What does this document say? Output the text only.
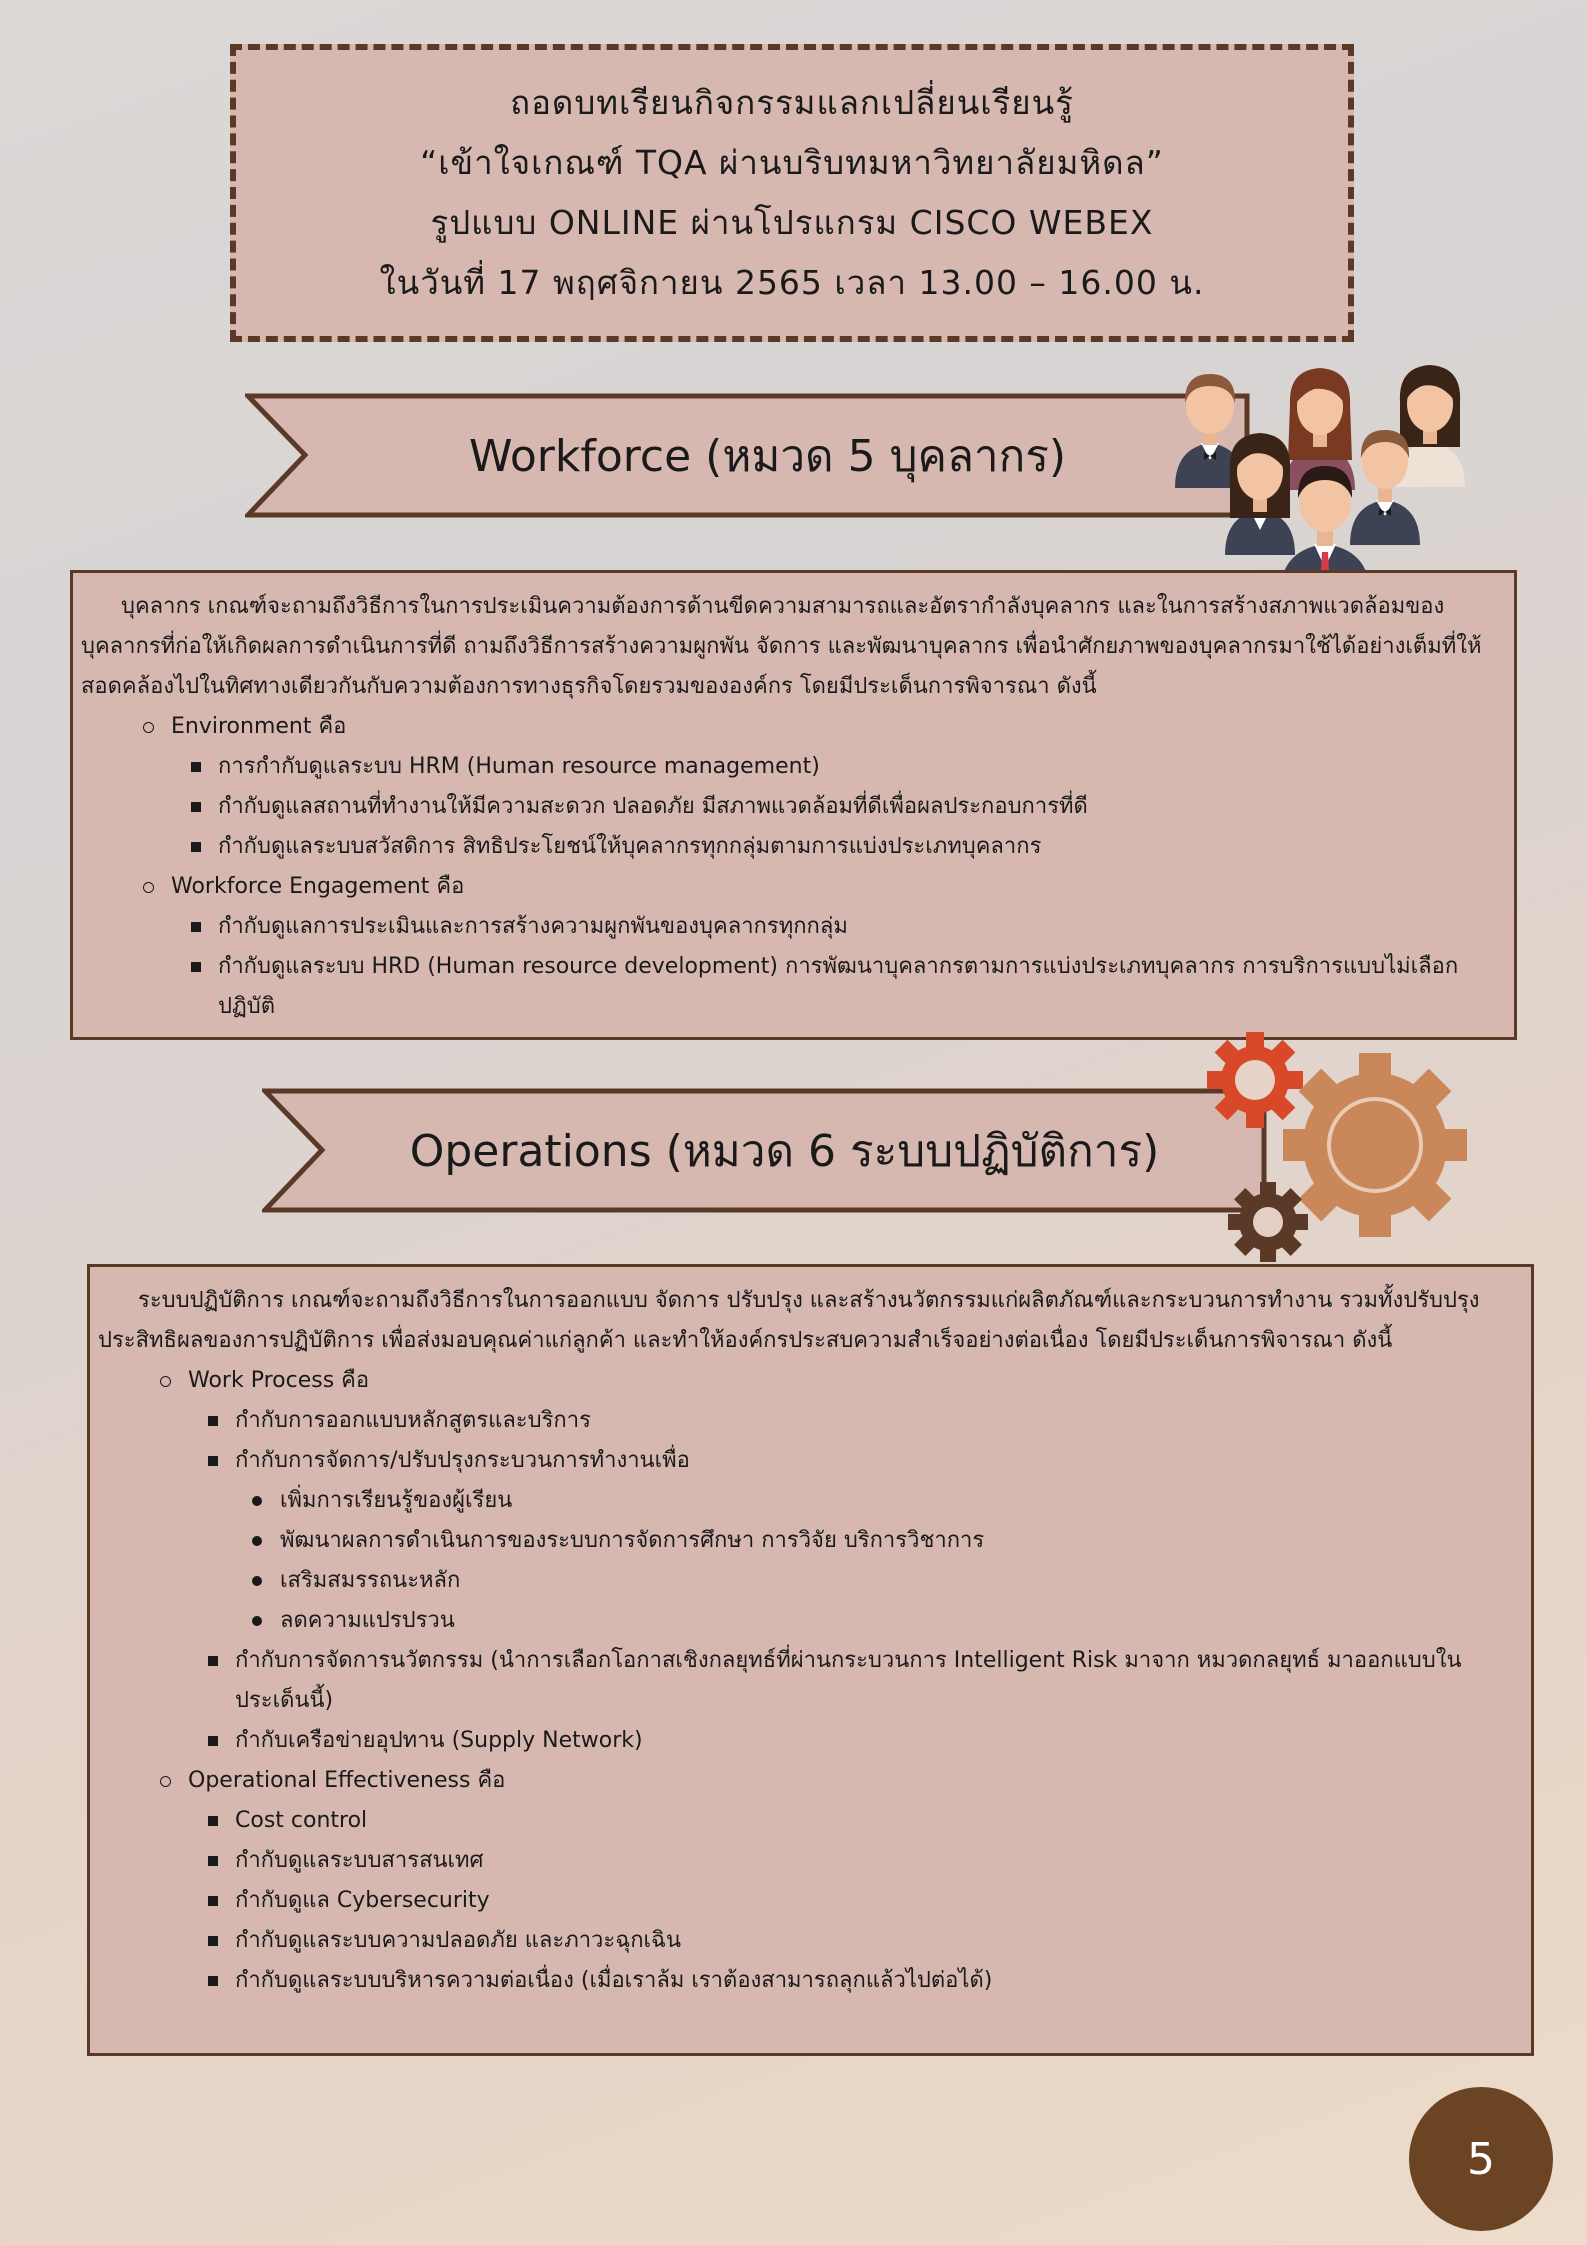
ถอดบทเรียนกิจกรรมแลกเปลี่ยนเรียนรู้
“เข้าใจเกณฑ์ TQA ผ่านบริบทมหาวิทยาลัยมหิดล”
รูปแบบ ONLINE ผ่านโปรแกรม CISCO WEBEX
ในวันที่ 17 พฤศจิกายน 2565 เวลา 13.00 – 16.00 น.
Workforce (หมวด 5 บุคลากร)

บุคลากร เกณฑ์จะถามถึงวิธีการในการประเมินความต้องการด้านขีดความสามารถและอัตรากำลังบุคลากร และในการสร้างสภาพแวดล้อมของบุคลากรที่ก่อให้เกิดผลการดำเนินการที่ดี ถามถึงวิธีการสร้างความผูกพัน จัดการ และพัฒนาบุคลากร เพื่อนำศักยภาพของบุคลากรมาใช้ได้อย่างเต็มที่ให้สอดคล้องไปในทิศทางเดียวกันกับความต้องการทางธุรกิจโดยรวมขององค์กร โดยมีประเด็นการพิจารณา ดังนี้

Environment คือ
การกำกับดูแลระบบ HRM (Human resource management)
กำกับดูแลสถานที่ทำงานให้มีความสะดวก ปลอดภัย มีสภาพแวดล้อมที่ดีเพื่อผลประกอบการที่ดี
กำกับดูแลระบบสวัสดิการ สิทธิประโยชน์ให้บุคลากรทุกกลุ่มตามการแบ่งประเภทบุคลากร
Workforce Engagement คือ
กำกับดูแลการประเมินและการสร้างความผูกพันของบุคลากรทุกกลุ่ม
กำกับดูแลระบบ HRD (Human resource development) การพัฒนาบุคลากรตามการแบ่งประเภทบุคลากร การบริการแบบไม่เลือกปฏิบัติ
Operations (หมวด 6 ระบบปฏิบัติการ)

ระบบปฏิบัติการ เกณฑ์จะถามถึงวิธีการในการออกแบบ จัดการ ปรับปรุง และสร้างนวัตกรรมแก่ผลิตภัณฑ์และกระบวนการทำงาน รวมทั้งปรับปรุงประสิทธิผลของการปฏิบัติการ เพื่อส่งมอบคุณค่าแก่ลูกค้า และทำให้องค์กรประสบความสำเร็จอย่างต่อเนื่อง โดยมีประเด็นการพิจารณา ดังนี้

Work Process คือ
กำกับการออกแบบหลักสูตรและบริการ
กำกับการจัดการ/ปรับปรุงกระบวนการทำงานเพื่อ
เพิ่มการเรียนรู้ของผู้เรียน
พัฒนาผลการดำเนินการของระบบการจัดการศึกษา การวิจัย บริการวิชาการ
เสริมสมรรถนะหลัก
ลดความแปรปรวน
กำกับการจัดการนวัตกรรม (นำการเลือกโอกาสเชิงกลยุทธ์ที่ผ่านกระบวนการ Intelligent Risk มาจาก หมวดกลยุทธ์ มาออกแบบในประเด็นนี้)
กำกับเครือข่ายอุปทาน (Supply Network)
Operational Effectiveness คือ
Cost control
กำกับดูแลระบบสารสนเทศ
กำกับดูแล Cybersecurity
กำกับดูแลระบบความปลอดภัย และภาวะฉุกเฉิน
กำกับดูแลระบบบริหารความต่อเนื่อง (เมื่อเราล้ม เราต้องสามารถลุกแล้วไปต่อได้)
5
